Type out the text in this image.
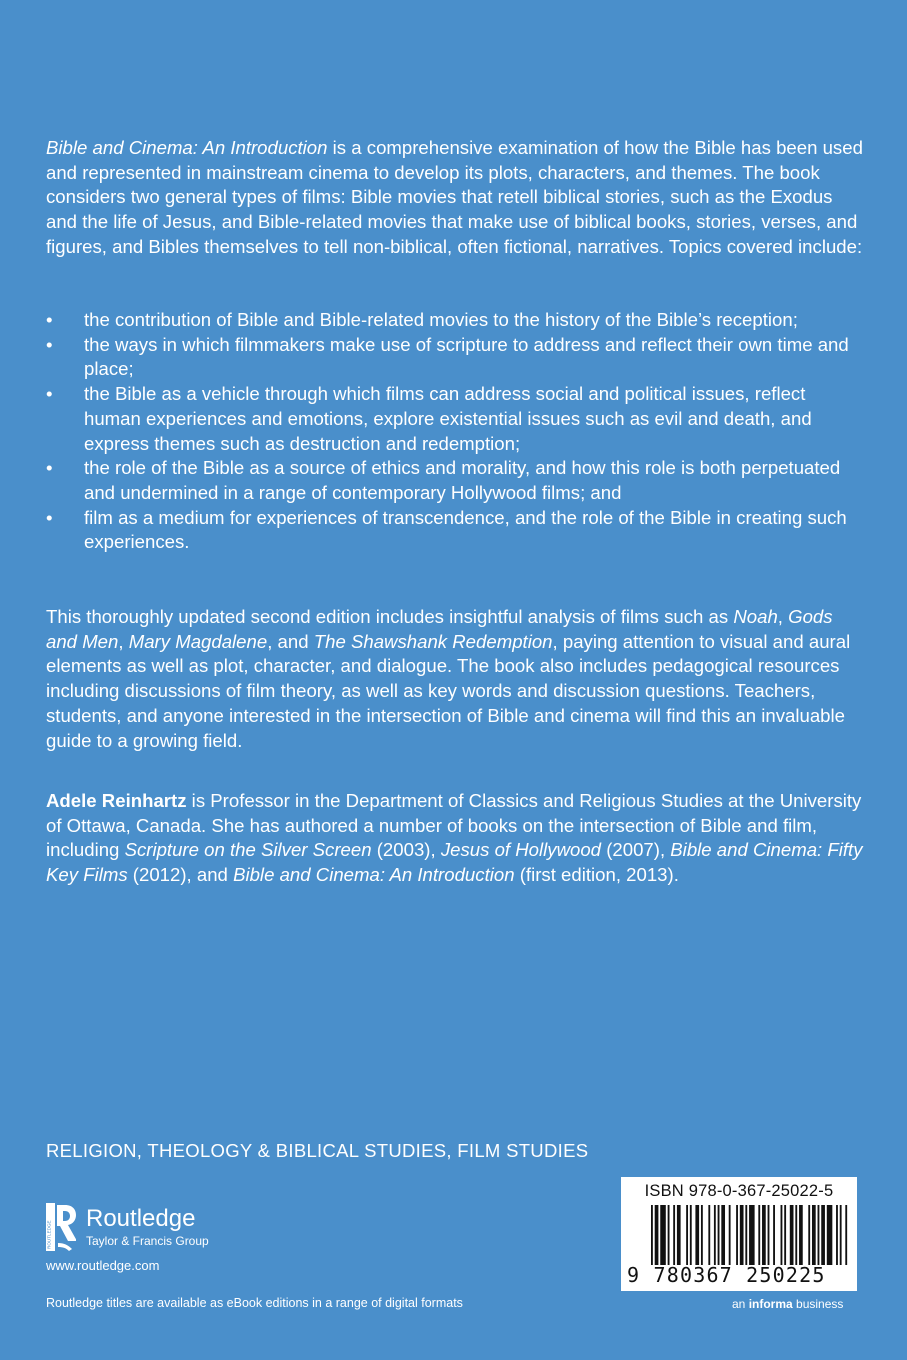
Bible and Cinema: An Introduction is a comprehensive examination of how the Bible has been used and represented in mainstream cinema to develop its plots, characters, and themes. The book considers two general types of films: Bible movies that retell biblical stories, such as the Exodus and the life of Jesus, and Bible-related movies that make use of biblical books, stories, verses, and figures, and Bibles themselves to tell non-biblical, often fictional, narratives. Topics covered include:

• the contribution of Bible and Bible-related movies to the history of the Bible’s reception;
• the ways in which filmmakers make use of scripture to address and reflect their own time and place;
• the Bible as a vehicle through which films can address social and political issues, reflect human experiences and emotions, explore existential issues such as evil and death, and express themes such as destruction and redemption;
• the role of the Bible as a source of ethics and morality, and how this role is both perpetuated and undermined in a range of contemporary Hollywood films; and
• film as a medium for experiences of transcendence, and the role of the Bible in creating such experiences.

This thoroughly updated second edition includes insightful analysis of films such as Noah, Gods and Men, Mary Magdalene, and The Shawshank Redemption, paying attention to visual and aural elements as well as plot, character, and dialogue. The book also includes pedagogical resources including discussions of film theory, as well as key words and discussion questions. Teachers, students, and anyone interested in the intersection of Bible and cinema will find this an invaluable guide to a growing field.

Adele Reinhartz is Professor in the Department of Classics and Religious Studies at the University of Ottawa, Canada. She has authored a number of books on the intersection of Bible and film, including Scripture on the Silver Screen (2003), Jesus of Hollywood (2007), Bible and Cinema: Fifty Key Films (2012), and Bible and Cinema: An Introduction (first edition, 2013).

RELIGION, THEOLOGY & BIBLICAL STUDIES, FILM STUDIES
ROUTLEDGE
Routledge
Taylor & Francis Group
www.routledge.com
Routledge titles are available as eBook editions in a range of digital formats
ISBN 978-0-367-25022-5
9 780367 250225
an informa business
